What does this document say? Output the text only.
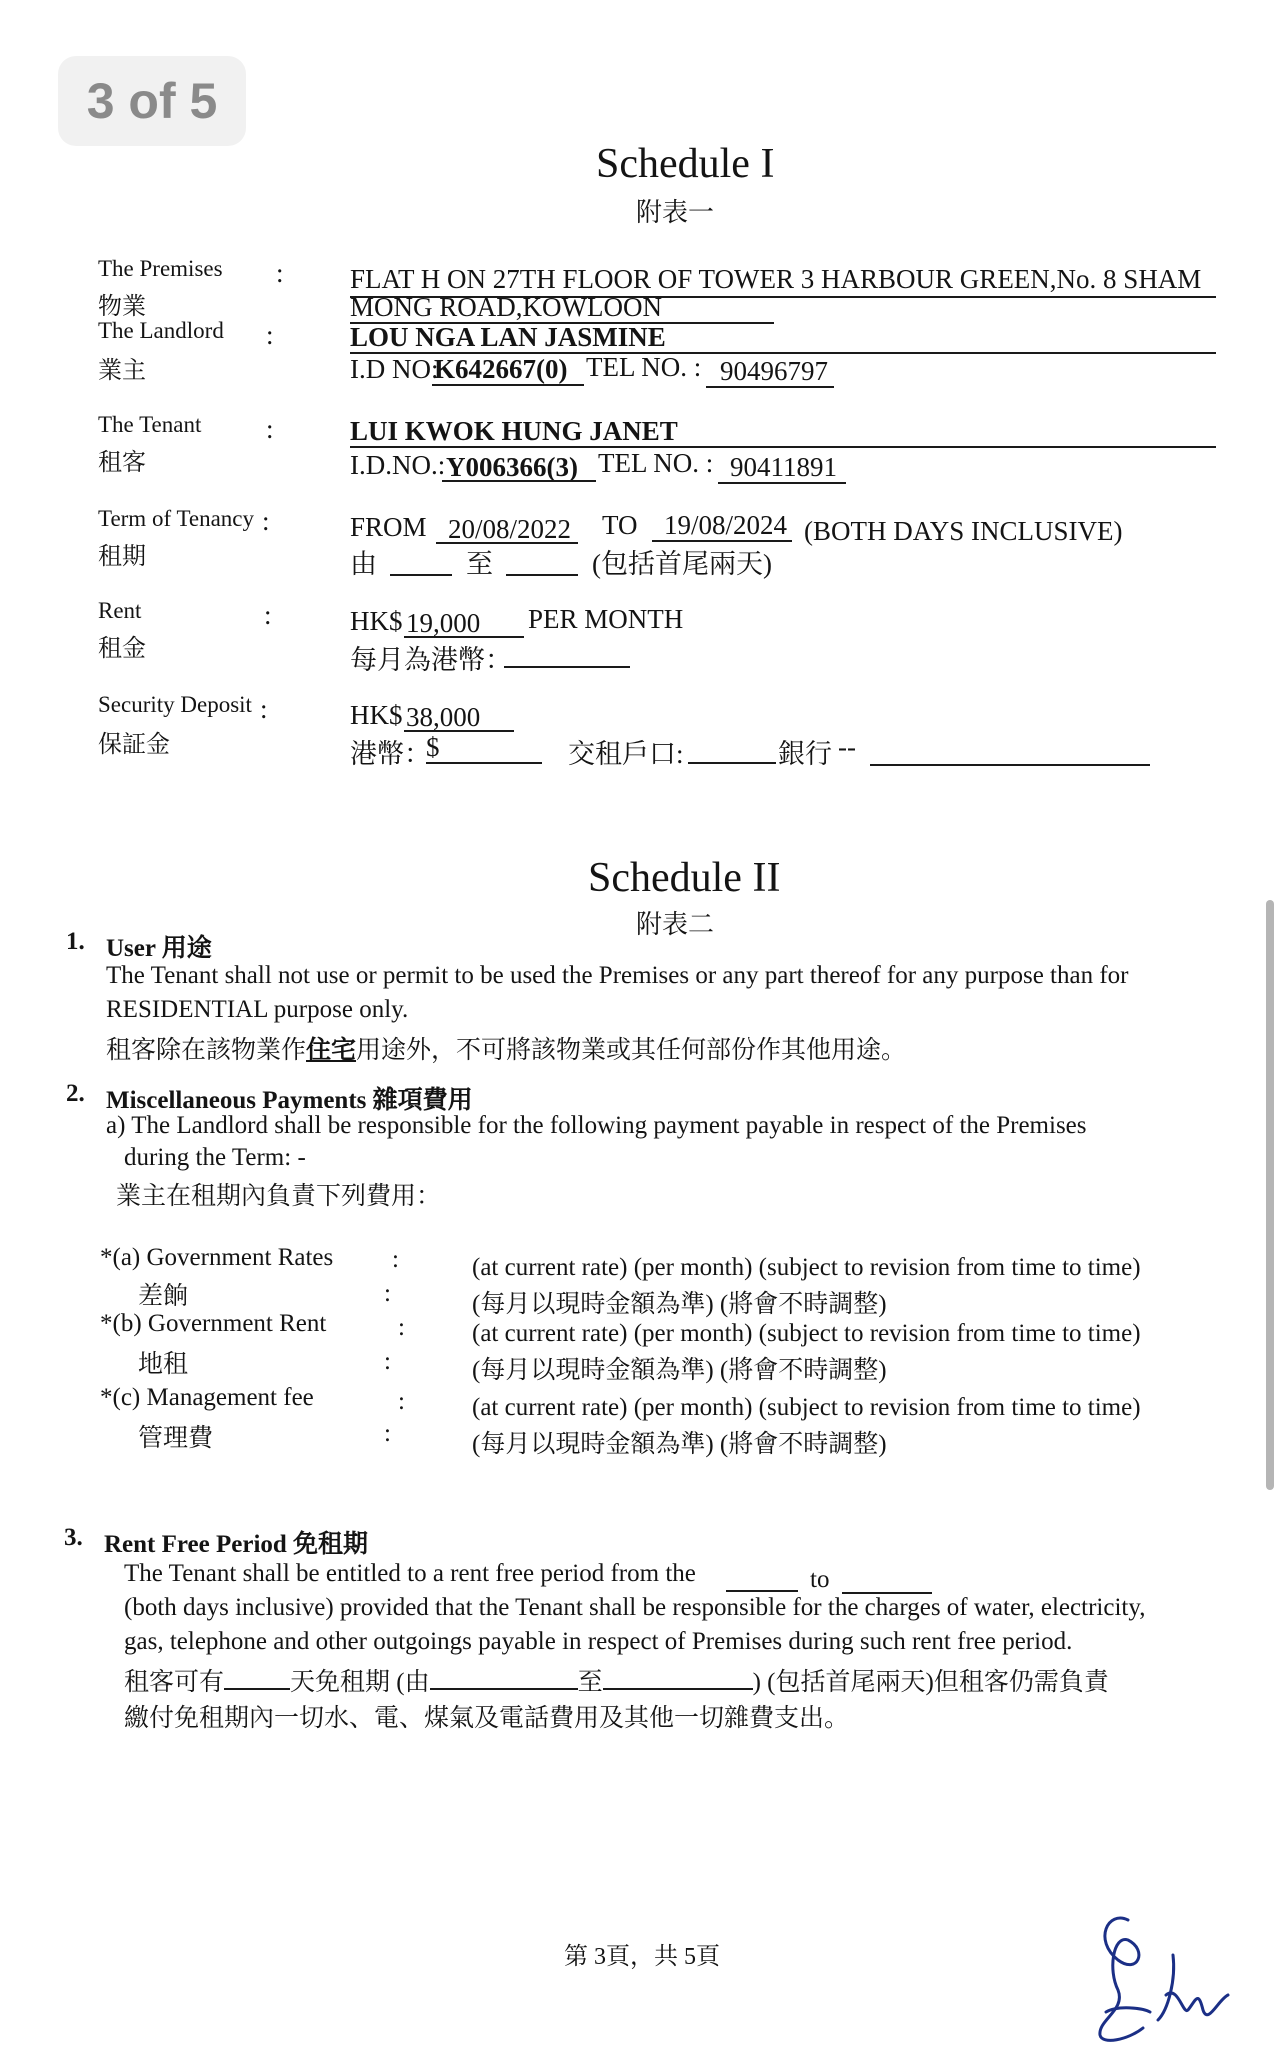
3 of 5
Schedule I
附表一
The Premises
物業
: FLAT H ON 27TH FLOOR OF TOWER 3 HARBOUR GREEN,No. 8 SHAM
MONG ROAD,KOWLOON
The Landlord
業主
:	LOU NGA LAN JASMINE
I.D NO:
K642667(0) TEL NO. : 90496797
The Tenant
租客
:	LUI KWOK HUNG JANET
I.D.NO.: Y006366(3) TEL NO. : 90411891
Term of Tenancy
租期
:	FROM 20/08/2022 TO 19/08/2024 (BOTH DAYS INCLUSIVE)
由	至	(包括首尾兩天)
Rent
租金
:	HK$ 19,000 PER MONTH
每月為港幣：
Security Deposit
保証金
:	HK$ 38,000
港幣：
$	交租戶口:	銀行 --
Schedule II
附表二
1. User 用途
The Tenant shall not use or permit to be used the Premises or any part thereof for any purpose than for
RESIDENTIAL purpose only.
租客除在該物業作住宅用途外，不可將該物業或其任何部份作其他用途。
2. Miscellaneous Payments 雜項費用
a) The Landlord shall be responsible for the following payment payable in respect of the Premises
during the Term: -
業主在租期內負責下列費用：
*(a) Government Rates :	(at current rate) (per month) (subject to revision from time to time)
差餉	:	(每月以現時金額為準) (將會不時調整)
*(b) Government Rent	:	(at current rate) (per month) (subject to revision from time to time)
地租	:	(每月以現時金額為準) (將會不時調整)
*(c) Management fee	:	(at current rate) (per month) (subject to revision from time to time)
管理費	:	(每月以現時金額為準) (將會不時調整)
3. Rent Free Period 免租期
The Tenant shall be entitled to a rent free period from the	to
(both days inclusive) provided that the Tenant shall be responsible for the charges of water, electricity,
gas, telephone and other outgoings payable in respect of Premises during such rent free period.
租客可有	天免租期 (由	至	) (包括首尾兩天)但租客仍需負責
繳付免租期內一切水、電、煤氣及電話費用及其他一切雜費支出。
第 3頁，共 5頁
